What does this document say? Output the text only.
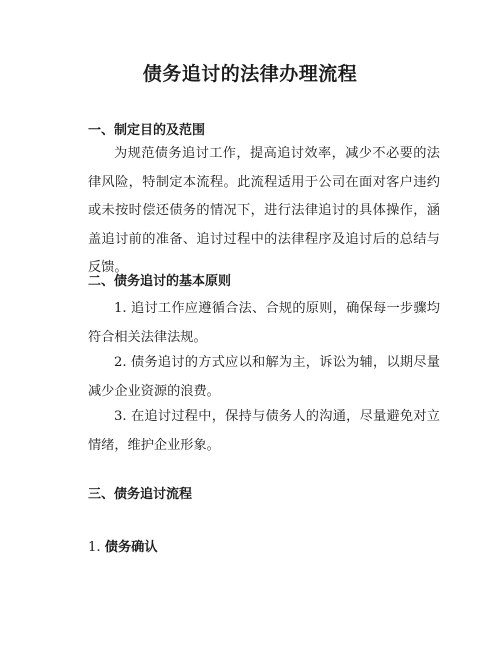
债务追讨的法律办理流程
一、制定目的及范围

为规范债务追讨工作，提高追讨效率，减少不必要的法律风险，特制定本流程。此流程适用于公司在面对客户违约或未按时偿还债务的情况下，进行法律追讨的具体操作，涵盖追讨前的准备、追讨过程中的法律程序及追讨后的总结与反馈。

二、债务追讨的基本原则

1. 追讨工作应遵循合法、合规的原则，确保每一步骤均符合相关法律法规。

2. 债务追讨的方式应以和解为主，诉讼为辅，以期尽量减少企业资源的浪费。

3. 在追讨过程中，保持与债务人的沟通，尽量避免对立情绪，维护企业形象。

三、债务追讨流程
1. 债务确认
